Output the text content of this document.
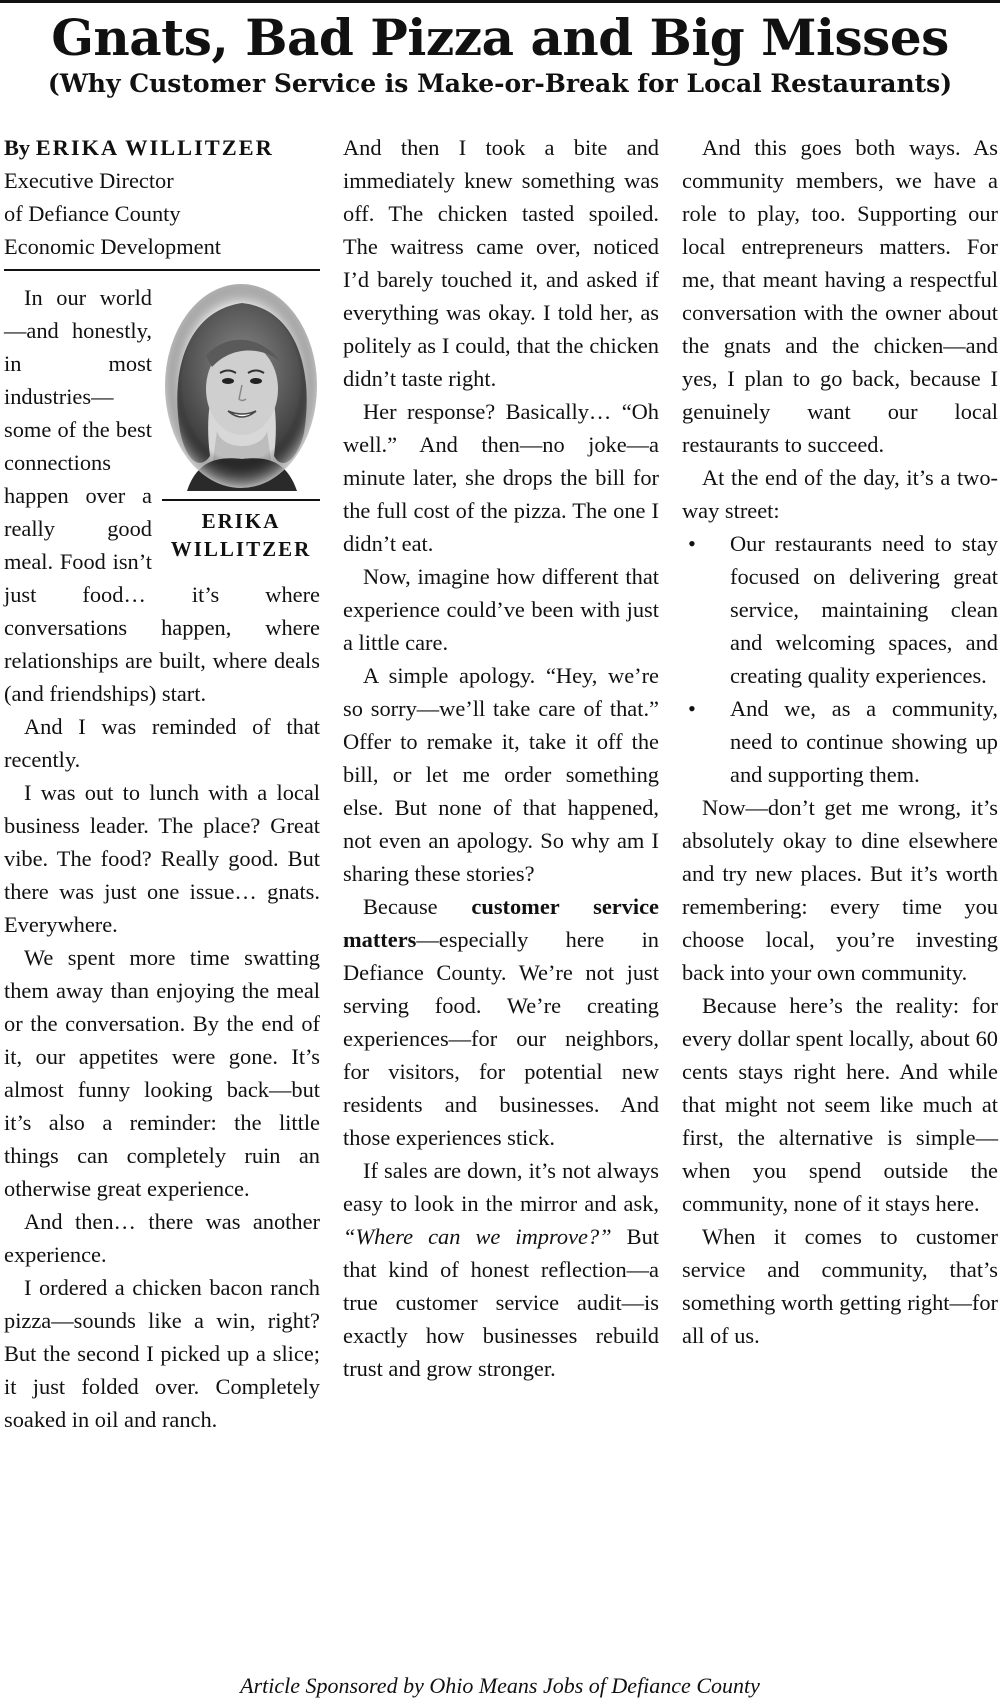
Gnats, Bad Pizza and Big Misses
(Why Customer Service is Make-or-Break for Local Restaurants)
By ERIKA WILLITZER
Executive Director
of Defiance County
Economic Development
ERIKA
WILLITZER

In our world—and honestly, in most industries—some of the best connections happen over a really good meal. Food isn’t just food… it’s where conversations happen, where relationships are built, where deals (and friendships) start.

And I was reminded of that recently.

I was out to lunch with a local business leader. The place? Great vibe. The food? Really good. But there was just one issue… gnats. Everywhere.

We spent more time swatting them away than enjoying the meal or the conversation. By the end of it, our appetites were gone. It’s almost funny looking back—but it’s also a reminder: the little things can completely ruin an otherwise great experience.

And then… there was another experience.

I ordered a chicken bacon ranch pizza—sounds like a win, right? But the second I picked up a slice; it just folded over. Completely soaked in oil and ranch.

And then I took a bite and immediately knew something was off. The chicken tasted spoiled. The waitress came over, noticed I’d barely touched it, and asked if everything was okay. I told her, as politely as I could, that the chicken didn’t taste right.

Her response? Basically… “Oh well.” And then—no joke—a minute later, she drops the bill for the full cost of the pizza. The one I didn’t eat.

Now, imagine how different that experience could’ve been with just a little care.

A simple apology. “Hey, we’re so sorry—we’ll take care of that.” Offer to remake it, take it off the bill, or let me order something else. But none of that happened, not even an apology. So why am I sharing these stories?

Because customer service matters—especially here in Defiance County. We’re not just serving food. We’re creating experiences—for our neighbors, for visitors, for potential new residents and businesses. And those experiences stick.

If sales are down, it’s not always easy to look in the mirror and ask, “Where can we improve?” But that kind of honest reflection—a true customer service audit—is exactly how businesses rebuild trust and grow stronger.

And this goes both ways. As community members, we have a role to play, too. Supporting our local entrepreneurs matters. For me, that meant having a respectful conversation with the owner about the gnats and the chicken—and yes, I plan to go back, because I genuinely want our local restaurants to succeed.

At the end of the day, it’s a two-way street:

• Our restaurants need to stay focused on delivering great service, maintaining clean and welcoming spaces, and creating quality experiences.
• And we, as a community, need to continue showing up and supporting them.

Now—don’t get me wrong, it’s absolutely okay to dine elsewhere and try new places. But it’s worth remembering: every time you choose local, you’re investing back into your own community.

Because here’s the reality: for every dollar spent locally, about 60 cents stays right here. And while that might not seem like much at first, the alternative is simple—when you spend outside the community, none of it stays here.

When it comes to customer service and community, that’s something worth getting right—for all of us.

Article Sponsored by Ohio Means Jobs of Defiance County
